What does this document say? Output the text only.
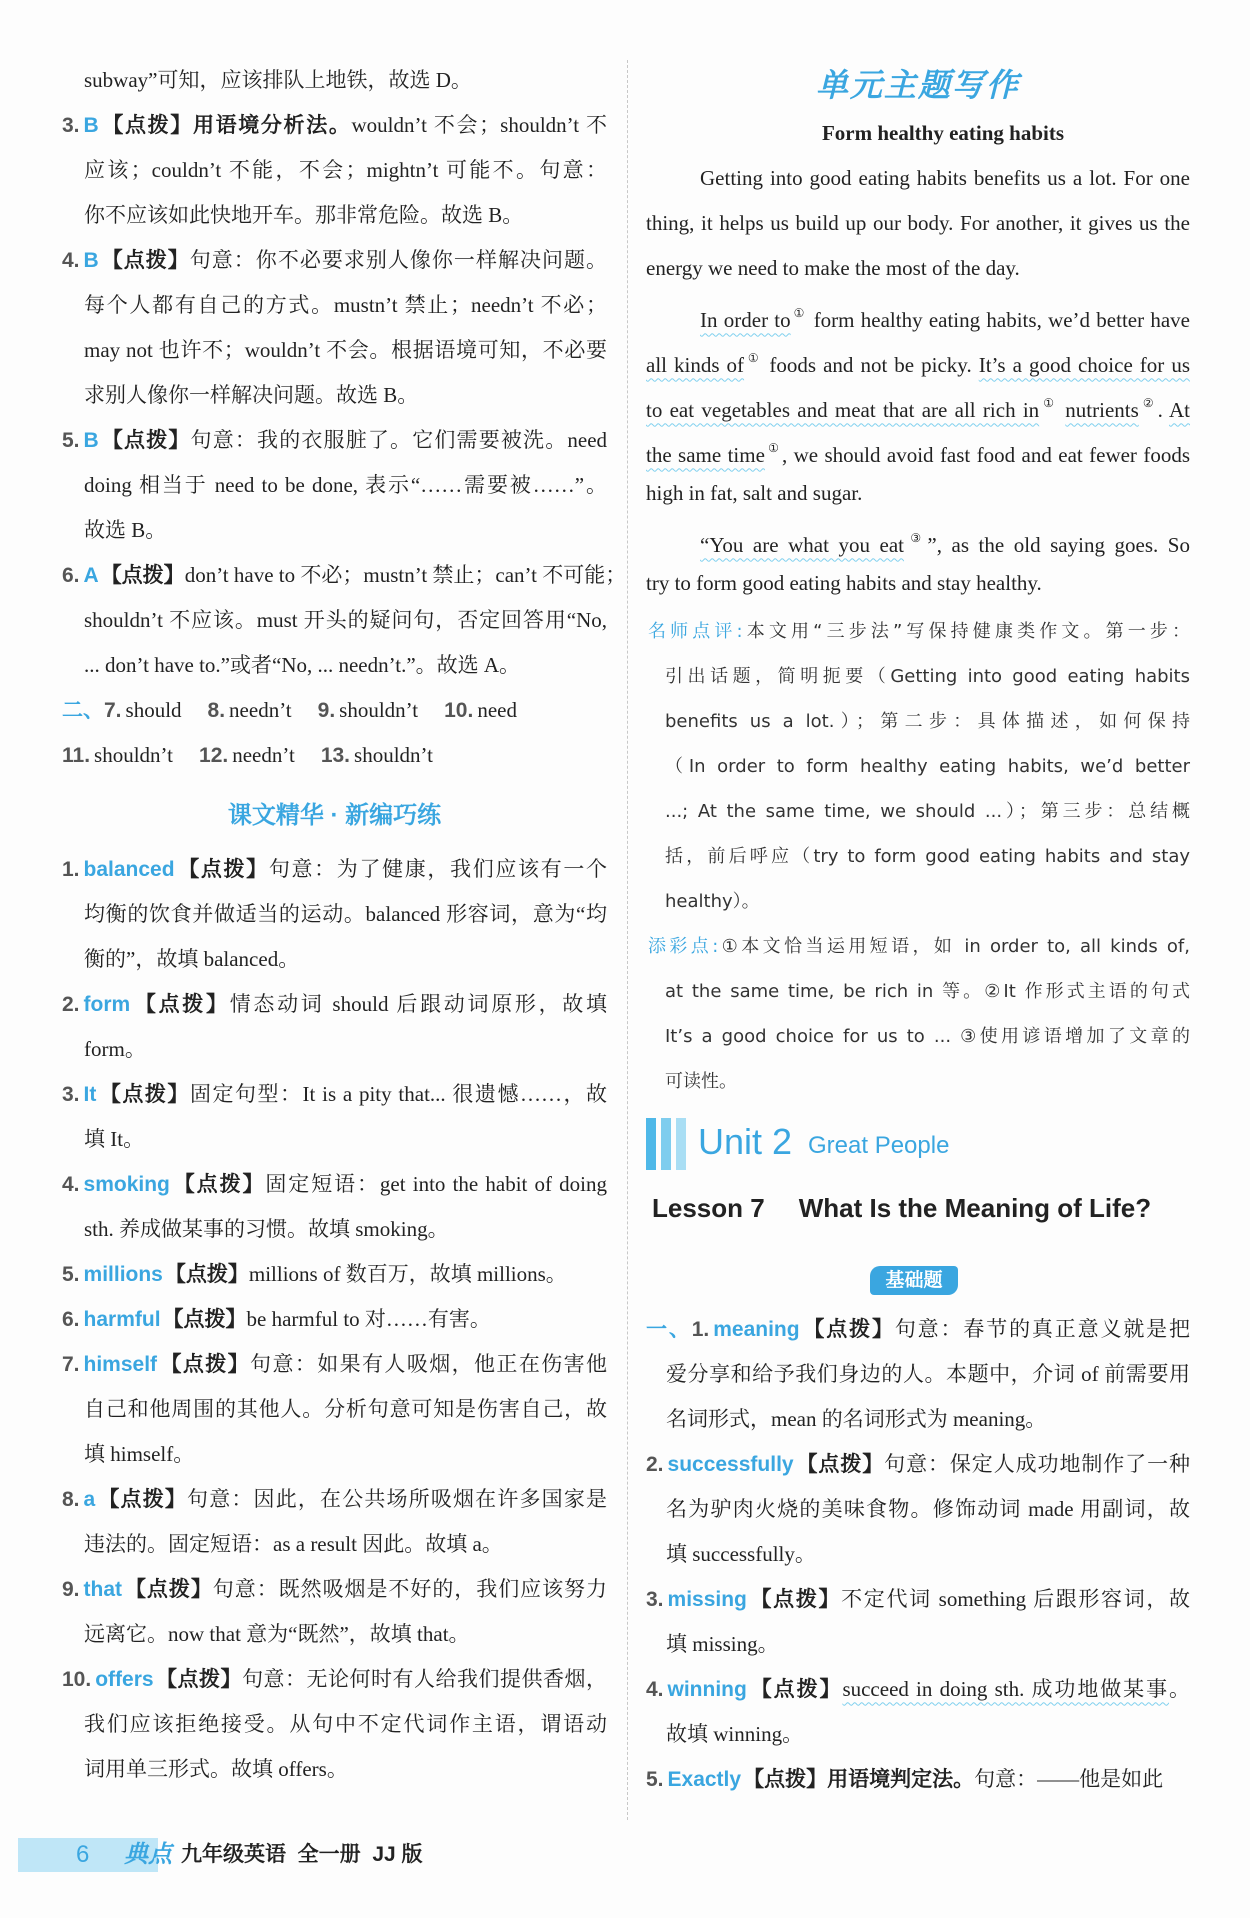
subway”可知，应该排队上地铁，故选 D。
3. B【点拨】用语境分析法。wouldn’t 不会；shouldn’t 不
应该；couldn’t 不能，不会；mightn’t 可能不。句意：
你不应该如此快地开车。那非常危险。故选 B。
4. B【点拨】句意：你不必要求别人像你一样解决问题。
每个人都有自己的方式。mustn’t 禁止；needn’t 不必；
may not 也许不；wouldn’t 不会。根据语境可知，不必要
求别人像你一样解决问题。故选 B。
5. B【点拨】句意：我的衣服脏了。它们需要被洗。need
doing 相当于 need to be done, 表示“……需要被……”。
故选 B。
6. A【点拨】don’t have to 不必；mustn’t 禁止；can’t 不可能；
shouldn’t 不应该。must 开头的疑问句，否定回答用“No,
... don’t have to.”或者“No, ... needn’t.”。故选 A。
二、7. should 8. needn’t 9. shouldn’t 10. need
11. shouldn’t 12. needn’t 13. shouldn’t
1. balanced【点拨】句意：为了健康，我们应该有一个
均衡的饮食并做适当的运动。balanced 形容词，意为“均
衡的”，故填 balanced。
2. form【点拨】情态动词 should 后跟动词原形，故填
form。
3. It【点拨】固定句型：It is a pity that... 很遗憾……，故
填 It。
4. smoking【点拨】固定短语：get into the habit of doing
sth. 养成做某事的习惯。故填 smoking。
5. millions【点拨】millions of 数百万，故填 millions。
6. harmful【点拨】be harmful to 对……有害。
7. himself【点拨】句意：如果有人吸烟，他正在伤害他
自己和他周围的其他人。分析句意可知是伤害自己，故
填 himself。
8. a【点拨】句意：因此，在公共场所吸烟在许多国家是
违法的。固定短语：as a result 因此。故填 a。
9. that【点拨】句意：既然吸烟是不好的，我们应该努力
远离它。now that 意为“既然”，故填 that。
10. offers【点拨】句意：无论何时有人给我们提供香烟，
我们应该拒绝接受。从句中不定代词作主语，谓语动
词用单三形式。故填 offers。
Getting into good eating habits benefits us a lot. For one
thing, it helps us build up our body. For another, it gives us the
energy we need to make the most of the day.
In order to ① form healthy eating habits, we’d better have
all kinds of ① foods and not be picky. It’s a good choice for us
to eat vegetables and meat that are all rich in ① nutrients ②. At
the same time ①, we should avoid fast food and eat fewer foods
high in fat, salt and sugar.
“You are what you eat ③”, as the old saying goes. So
try to form good eating habits and stay healthy.
名师点评:本文用“三步法”写保持健康类作文。第一步：
引出话题，简明扼要（Getting into good eating habits
benefits us a lot.）；第二步：具体描述，如何保持
（In order to form healthy eating habits, we’d better
...; At the same time, we should ...）；第三步：总结概
括，前后呼应（try to form good eating habits and stay
healthy）。
添彩点:①本文恰当运用短语，如 in order to, all kinds of,
at the same time, be rich in 等。②It 作形式主语的句式
It’s a good choice for us to ... ③使用谚语增加了文章的
可读性。
一、1. meaning【点拨】句意：春节的真正意义就是把
爱分享和给予我们身边的人。本题中，介词 of 前需要用
名词形式，mean 的名词形式为 meaning。
2. successfully【点拨】句意：保定人成功地制作了一种
名为驴肉火烧的美味食物。修饰动词 made 用副词，故
填 successfully。
3. missing【点拨】不定代词 something 后跟形容词，故
填 missing。
4. winning【点拨】succeed in doing sth. 成功地做某事。
故填 winning。
5. Exactly【点拨】用语境判定法。句意：——他是如此
课文精华 · 新编巧练
单元主题写作
Form healthy eating habits
Unit 2 Great People
Lesson 7 What Is the Meaning of Life?
基础题
6 典点 九年级英语  全一册  JJ 版
